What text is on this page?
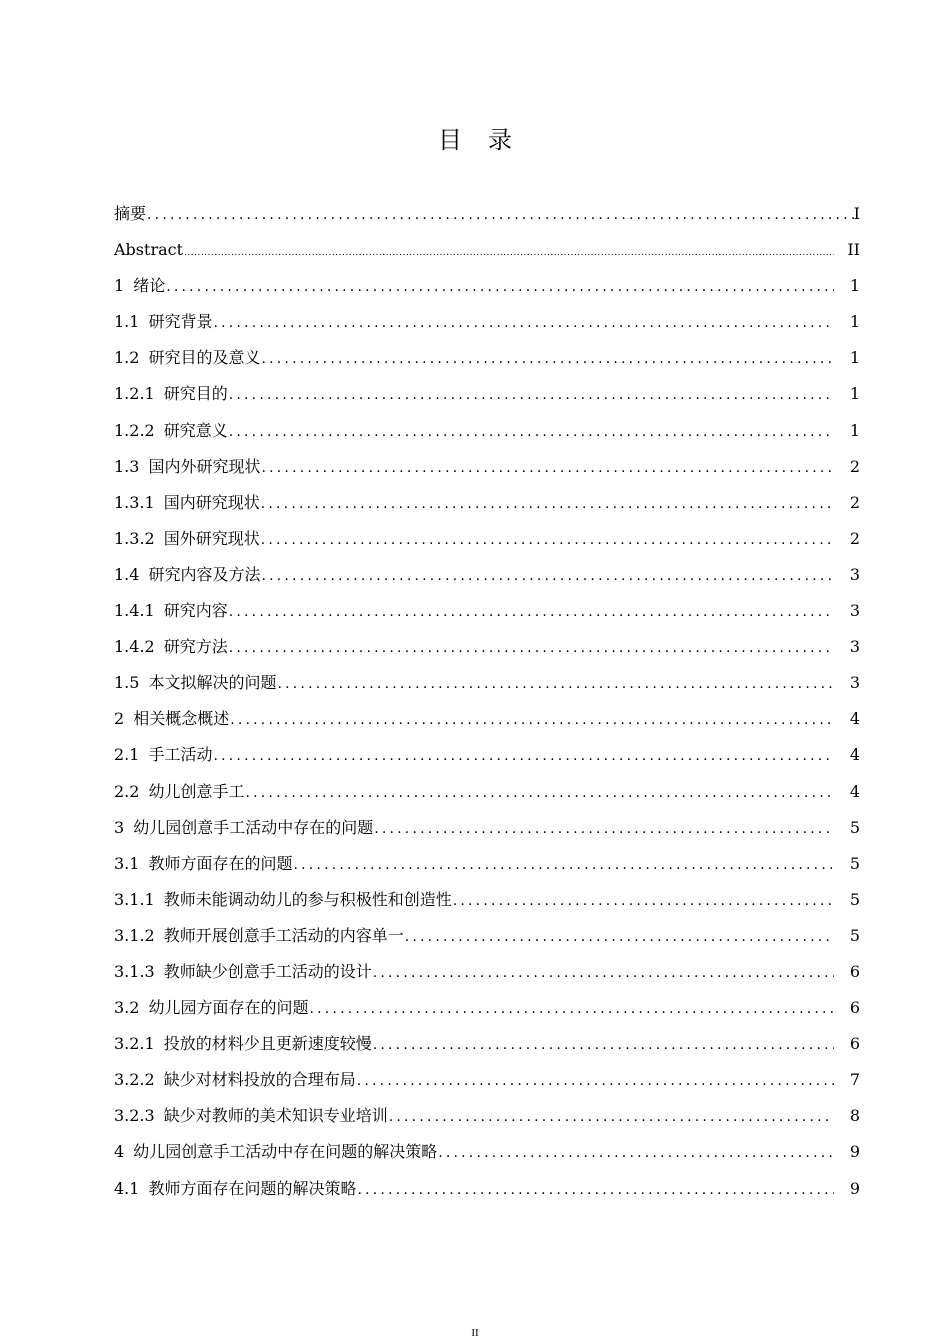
目 录
摘要 .....	I
Abstract .....	II
1 绪论 .....	1
1.1 研究背景 .....	1
1.2 研究目的及意义 .....	1
1.2.1 研究目的 .....	1
1.2.2 研究意义 .....	1
1.3 国内外研究现状 .....	2
1.3.1 国内研究现状 .....	2
1.3.2 国外研究现状 .....	2
1.4 研究内容及方法 .....	3
1.4.1 研究内容 .....	3
1.4.2 研究方法 .....	3
1.5 本文拟解决的问题 .....	3
2 相关概念概述 .....	4
2.1 手工活动 .....	4
2.2 幼儿创意手工 .....	4
3 幼儿园创意手工活动中存在的问题 .....	5
3.1 教师方面存在的问题 .....	5
3.1.1 教师未能调动幼儿的参与积极性和创造性 .....	5
3.1.2 教师开展创意手工活动的内容单一 .....	5
3.1.3 教师缺少创意手工活动的设计 .....	6
3.2 幼儿园方面存在的问题 .....	6
3.2.1 投放的材料少且更新速度较慢 .....	6
3.2.2 缺少对材料投放的合理布局 .....	7
3.2.3 缺少对教师的美术知识专业培训 .....	8
4 幼儿园创意手工活动中存在问题的解决策略 .....	9
4.1 教师方面存在问题的解决策略 .....	9
II
